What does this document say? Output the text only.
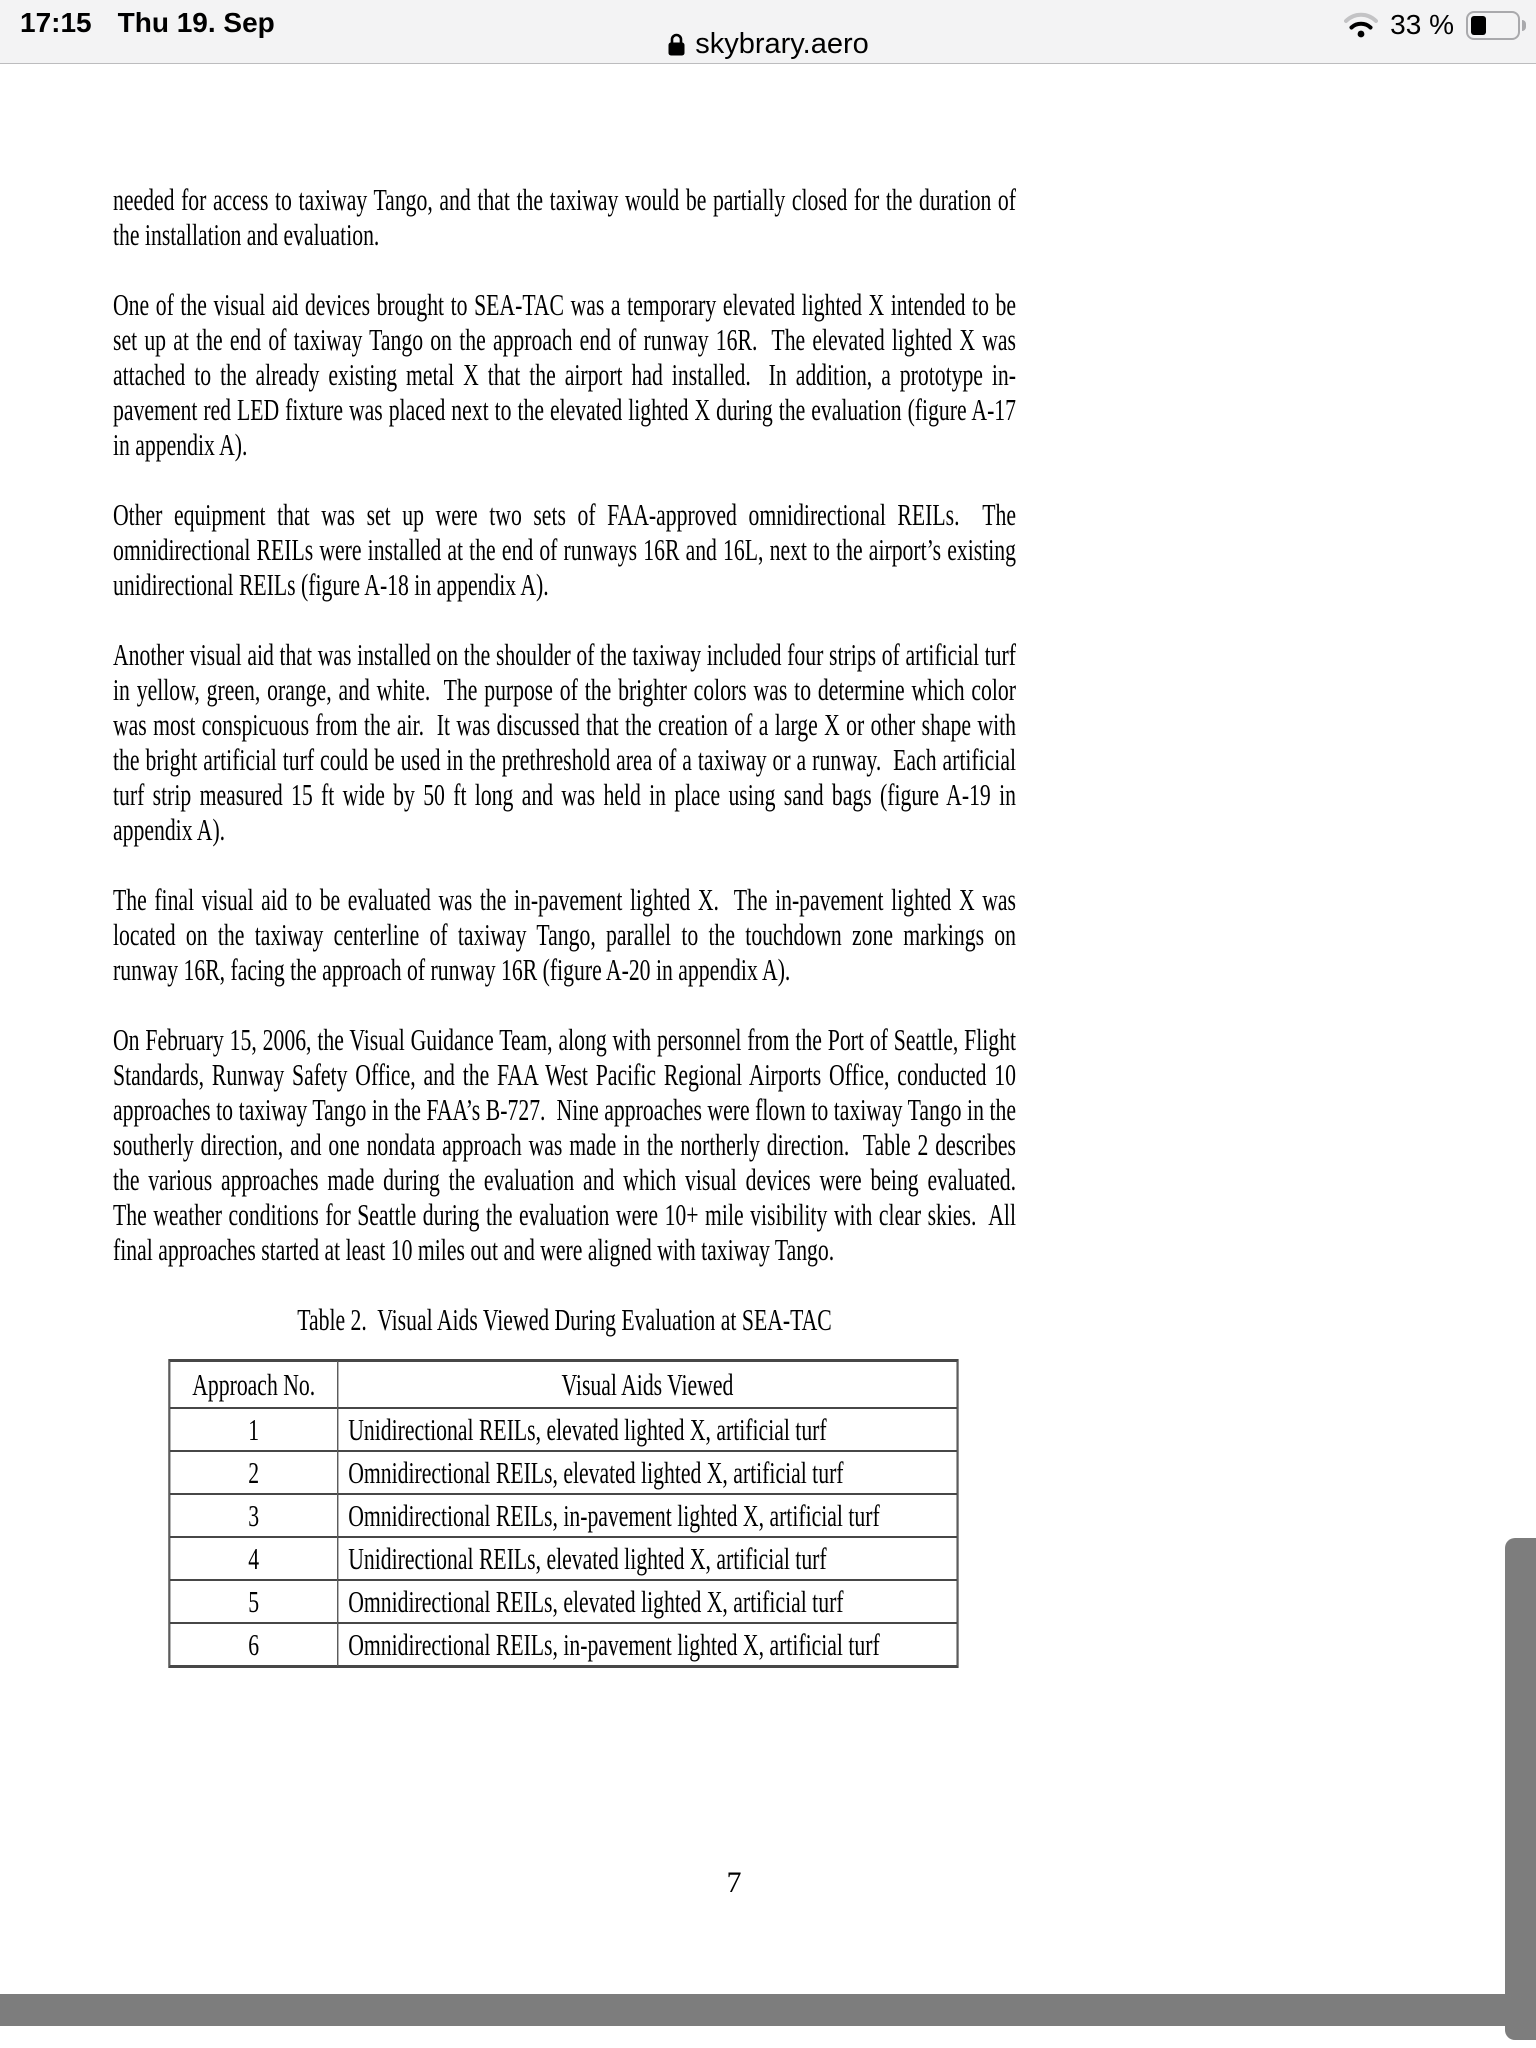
17:15 Thu 19. Sep	33 %
skybrary.aero

needed for access to taxiway Tango, and that the taxiway would be partially closed for the duration of the installation and evaluation.

One of the visual aid devices brought to SEA-TAC was a temporary elevated lighted X intended to be set up at the end of taxiway Tango on the approach end of runway 16R.  The elevated lighted X was attached to the already existing metal X that the airport had installed.  In addition, a prototype in-pavement red LED fixture was placed next to the elevated lighted X during the evaluation (figure A-17 in appendix A).

Other equipment that was set up were two sets of FAA-approved omnidirectional REILs.  The omnidirectional REILs were installed at the end of runways 16R and 16L, next to the airport’s existing unidirectional REILs (figure A-18 in appendix A).

Another visual aid that was installed on the shoulder of the taxiway included four strips of artificial turf in yellow, green, orange, and white.  The purpose of the brighter colors was to determine which color was most conspicuous from the air.  It was discussed that the creation of a large X or other shape with the bright artificial turf could be used in the prethreshold area of a taxiway or a runway.  Each artificial turf strip measured 15 ft wide by 50 ft long and was held in place using sand bags (figure A-19 in appendix A).

The final visual aid to be evaluated was the in-pavement lighted X.  The in-pavement lighted X was located on the taxiway centerline of taxiway Tango, parallel to the touchdown zone markings on runway 16R, facing the approach of runway 16R (figure A-20 in appendix A).

On February 15, 2006, the Visual Guidance Team, along with personnel from the Port of Seattle, Flight Standards, Runway Safety Office, and the FAA West Pacific Regional Airports Office, conducted 10 approaches to taxiway Tango in the FAA’s B-727.  Nine approaches were flown to taxiway Tango in the southerly direction, and one nondata approach was made in the northerly direction.  Table 2 describes the various approaches made during the evaluation and which visual devices were being evaluated.  The weather conditions for Seattle during the evaluation were 10+ mile visibility with clear skies.  All final approaches started at least 10 miles out and were aligned with taxiway Tango.

Table 2.  Visual Aids Viewed During Evaluation at SEA-TAC
Approach No.	Visual Aids Viewed
1	Unidirectional REILs, elevated lighted X, artificial turf
2	Omnidirectional REILs, elevated lighted X, artificial turf
3	Omnidirectional REILs, in-pavement lighted X, artificial turf
4	Unidirectional REILs, elevated lighted X, artificial turf
5	Omnidirectional REILs, elevated lighted X, artificial turf
6	Omnidirectional REILs, in-pavement lighted X, artificial turf
7
